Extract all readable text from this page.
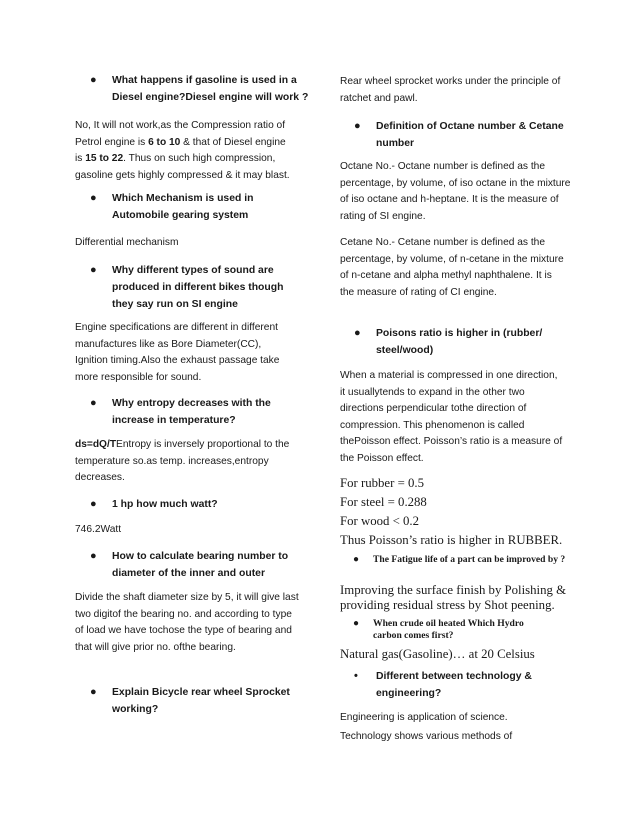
● What happens if gasoline is used in a Diesel engine?Diesel engine will work ?
No, It will not work,as the Compression ratio of
Petrol engine is 6 to 10 & that of Diesel engine
is 15 to 22. Thus on such high compression,
gasoline gets highly compressed & it may blast.
● Which Mechanism is used in Automobile gearing system
Differential mechanism
● Why different types of sound are produced in different bikes though they say run on SI engine
Engine specifications are different in different manufactures like as Bore Diameter(CC), Ignition timing.Also the exhaust passage take more responsible for sound.
● Why entropy decreases with the increase in temperature?
ds=dQ/TEntropy is inversely proportional to the temperature so.as temp. increases,entropy decreases.
● 1 hp how much watt?
746.2Watt
● How to calculate bearing number to diameter of the inner and outer
Divide the shaft diameter size by 5, it will give last two digitof the bearing no. and according to type of load we have tochose the type of bearing and that will give prior no. ofthe bearing.
● Explain Bicycle rear wheel Sprocket working?
Rear wheel sprocket works under the principle of ratchet and pawl.
● Definition of Octane number & Cetane number
Octane No.- Octane number is defined as the percentage, by volume, of iso octane in the mixture of iso octane and h-heptane. It is the measure of rating of SI engine.
Cetane No.- Cetane number is defined as the percentage, by volume, of n-cetane in the mixture of n-cetane and alpha methyl naphthalene. It is the measure of rating of CI engine.
● Poisons ratio is higher in (rubber/ steel/wood)
When a material is compressed in one direction, it usuallytends to expand in the other two directions perpendicular tothe direction of compression. This phenomenon is called thePoisson effect. Poisson’s ratio is a measure of the Poisson effect.
For rubber = 0.5
For steel = 0.288
For wood < 0.2
Thus Poisson’s ratio is higher in RUBBER.
● The Fatigue life of a part can be improved by ?
Improving the surface finish by Polishing & providing residual stress by Shot peening.
● When crude oil heated Which Hydro carbon comes first?
Natural gas(Gasoline)… at 20 Celsius
• Different between technology & engineering?
Engineering is application of science.
Technology shows various methods of
